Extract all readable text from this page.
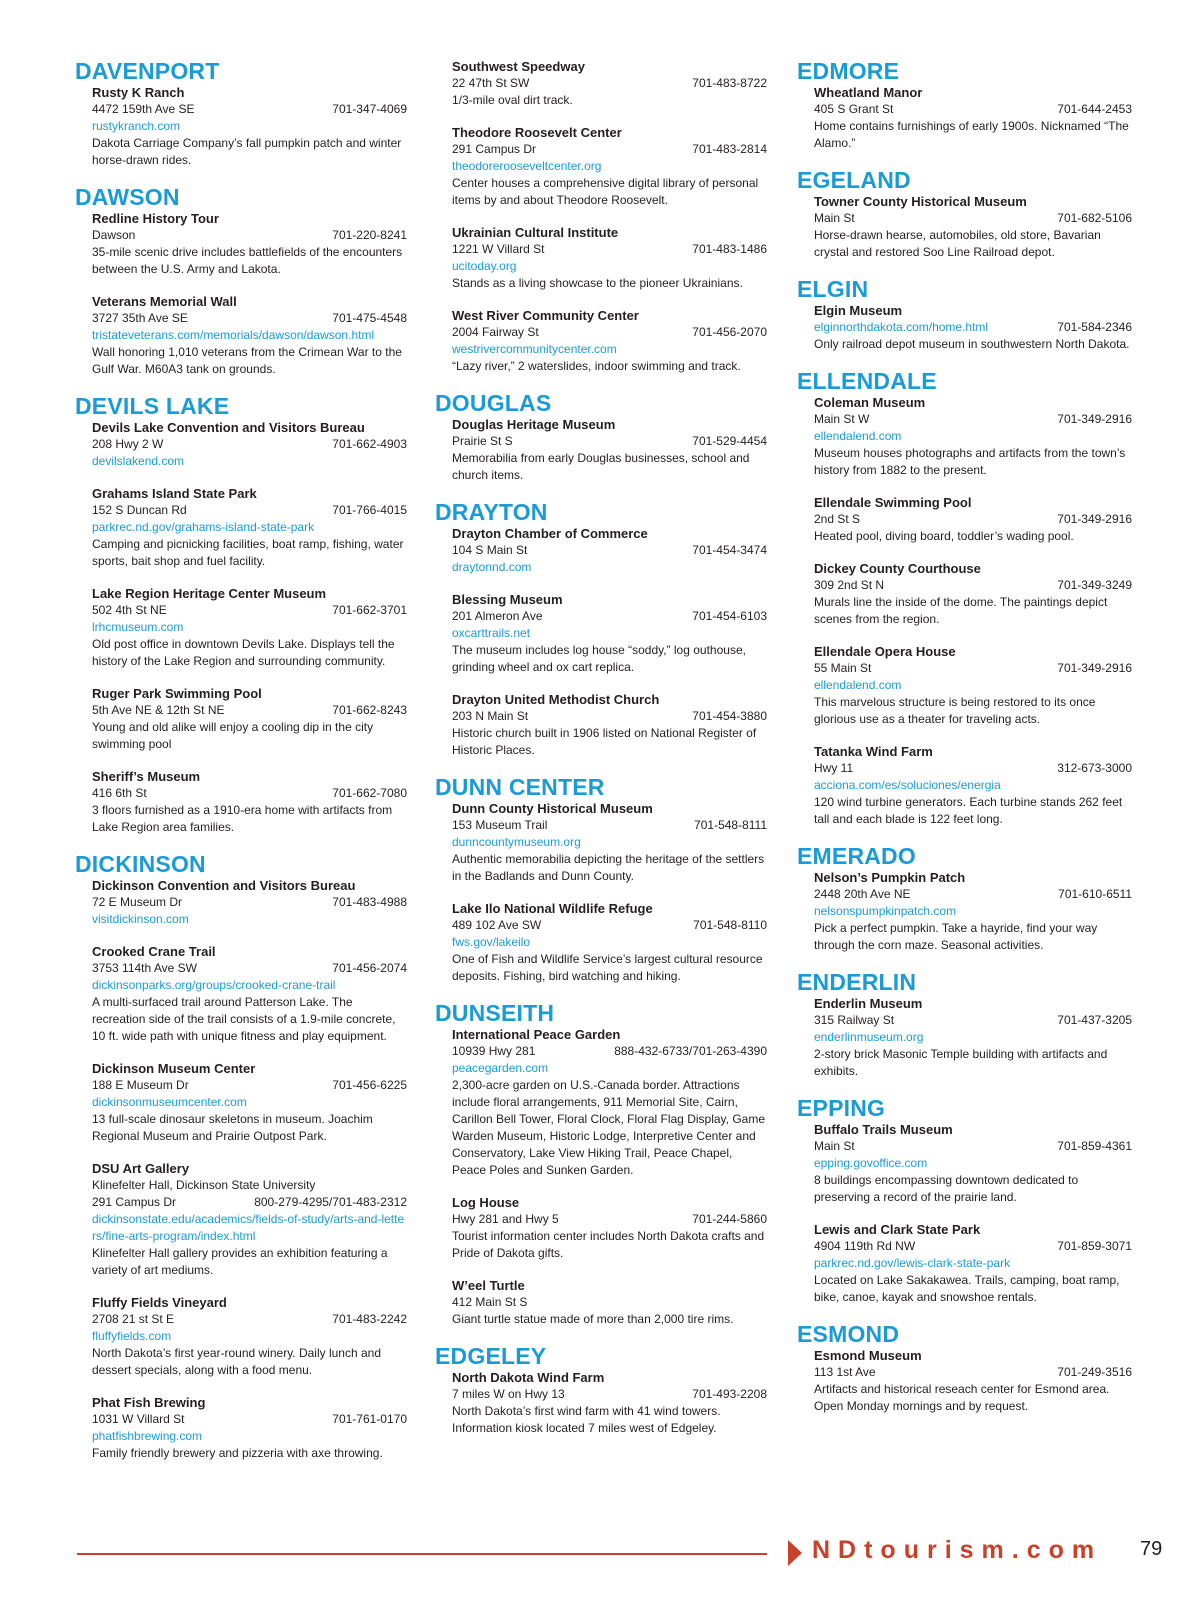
DAVENPORT
Rusty K Ranch
4472 159th Ave SE	701-347-4069
rustykranch.com
Dakota Carriage Company’s fall pumpkin patch and winter horse-drawn rides.
DAWSON
Redline History Tour
Dawson	701-220-8241
35-mile scenic drive includes battlefields of the encounters between the U.S. Army and Lakota.
Veterans Memorial Wall
3727 35th Ave SE	701-475-4548
tristateveterans.com/memorials/dawson/dawson.html
Wall honoring 1,010 veterans from the Crimean War to the Gulf War. M60A3 tank on grounds.
DEVILS LAKE
Devils Lake Convention and Visitors Bureau
208 Hwy 2 W	701-662-4903
devilslakend.com
Grahams Island State Park
152 S Duncan Rd	701-766-4015
parkrec.nd.gov/grahams-island-state-park
Camping and picnicking facilities, boat ramp, fishing, water sports, bait shop and fuel facility.
Lake Region Heritage Center Museum
502 4th St NE	701-662-3701
lrhcmuseum.com
Old post office in downtown Devils Lake. Displays tell the history of the Lake Region and surrounding community.
Ruger Park Swimming Pool
5th Ave NE & 12th St NE	701-662-8243
Young and old alike will enjoy a cooling dip in the city swimming pool
Sheriff’s Museum
416 6th St	701-662-7080
3 floors furnished as a 1910-era home with artifacts from Lake Region area families.
DICKINSON
Dickinson Convention and Visitors Bureau
72 E Museum Dr	701-483-4988
visitdickinson.com
Crooked Crane Trail
3753 114th Ave SW	701-456-2074
dickinsonparks.org/groups/crooked-crane-trail
A multi-surfaced trail around Patterson Lake. The recreation side of the trail consists of a 1.9-mile concrete, 10 ft. wide path with unique fitness and play equipment.
Dickinson Museum Center
188 E Museum Dr	701-456-6225
dickinsonmuseumcenter.com
13 full-scale dinosaur skeletons in museum. Joachim Regional Museum and Prairie Outpost Park.
DSU Art Gallery
Klinefelter Hall, Dickinson State University
291 Campus Dr	800-279-4295/701-483-2312
dickinsonstate.edu/academics/fields-of-study/arts-and-letters/fine-arts-program/index.html
Klinefelter Hall gallery provides an exhibition featuring a variety of art mediums.
Fluffy Fields Vineyard
2708 21 st St E	701-483-2242
fluffyfields.com
North Dakota’s first year-round winery. Daily lunch and dessert specials, along with a food menu.
Phat Fish Brewing
1031 W Villard St	701-761-0170
phatfishbrewing.com
Family friendly brewery and pizzeria with axe throwing.
Southwest Speedway
22 47th St SW	701-483-8722
1/3-mile oval dirt track.
Theodore Roosevelt Center
291 Campus Dr	701-483-2814
theodorerooseveltcenter.org
Center houses a comprehensive digital library of personal items by and about Theodore Roosevelt.
Ukrainian Cultural Institute
1221 W Villard St	701-483-1486
ucitoday.org
Stands as a living showcase to the pioneer Ukrainians.
West River Community Center
2004 Fairway St	701-456-2070
westrivercommunitycenter.com
“Lazy river,” 2 waterslides, indoor swimming and track.
DOUGLAS
Douglas Heritage Museum
Prairie St S	701-529-4454
Memorabilia from early Douglas businesses, school and church items.
DRAYTON
Drayton Chamber of Commerce
104 S Main St	701-454-3474
draytonnd.com
Blessing Museum
201 Almeron Ave	701-454-6103
oxcarttrails.net
The museum includes log house “soddy,” log outhouse, grinding wheel and ox cart replica.
Drayton United Methodist Church
203 N Main St	701-454-3880
Historic church built in 1906 listed on National Register of Historic Places.
DUNN CENTER
Dunn County Historical Museum
153 Museum Trail	701-548-8111
dunncountymuseum.org
Authentic memorabilia depicting the heritage of the settlers in the Badlands and Dunn County.
Lake Ilo National Wildlife Refuge
489 102 Ave SW	701-548-8110
fws.gov/lakeilo
One of Fish and Wildlife Service’s largest cultural resource deposits. Fishing, bird watching and hiking.
DUNSEITH
International Peace Garden
10939 Hwy 281	888-432-6733/701-263-4390
peacegarden.com
2,300-acre garden on U.S.-Canada border. Attractions include floral arrangements, 911 Memorial Site, Cairn, Carillon Bell Tower, Floral Clock, Floral Flag Display, Game Warden Museum, Historic Lodge, Interpretive Center and Conservatory, Lake View Hiking Trail, Peace Chapel, Peace Poles and Sunken Garden.
Log House
Hwy 281 and Hwy 5	701-244-5860
Tourist information center includes North Dakota crafts and Pride of Dakota gifts.
W’eel Turtle
412 Main St S
Giant turtle statue made of more than 2,000 tire rims.
EDGELEY
North Dakota Wind Farm
7 miles W on Hwy 13	701-493-2208
North Dakota’s first wind farm with 41 wind towers. Information kiosk located 7 miles west of Edgeley.
EDMORE
Wheatland Manor
405 S Grant St	701-644-2453
Home contains furnishings of early 1900s. Nicknamed “The Alamo.”
EGELAND
Towner County Historical Museum
Main St	701-682-5106
Horse-drawn hearse, automobiles, old store, Bavarian crystal and restored Soo Line Railroad depot.
ELGIN
Elgin Museum
elginnorthdakota.com/home.html	701-584-2346
Only railroad depot museum in southwestern North Dakota.
ELLENDALE
Coleman Museum
Main St W	701-349-2916
ellendalend.com
Museum houses photographs and artifacts from the town’s history from 1882 to the present.
Ellendale Swimming Pool
2nd St S	701-349-2916
Heated pool, diving board, toddler’s wading pool.
Dickey County Courthouse
309 2nd St N	701-349-3249
Murals line the inside of the dome. The paintings depict scenes from the region.
Ellendale Opera House
55 Main St	701-349-2916
ellendalend.com
This marvelous structure is being restored to its once glorious use as a theater for traveling acts.
Tatanka Wind Farm
Hwy 11	312-673-3000
acciona.com/es/soluciones/energia
120 wind turbine generators. Each turbine stands 262 feet tall and each blade is 122 feet long.
EMERADO
Nelson’s Pumpkin Patch
2448 20th Ave NE	701-610-6511
nelsonspumpkinpatch.com
Pick a perfect pumpkin. Take a hayride, find your way through the corn maze. Seasonal activities.
ENDERLIN
Enderlin Museum
315 Railway St	701-437-3205
enderlinmuseum.org
2-story brick Masonic Temple building with artifacts and exhibits.
EPPING
Buffalo Trails Museum
Main St	701-859-4361
epping.govoffice.com
8 buildings encompassing downtown dedicated to preserving a record of the prairie land.
Lewis and Clark State Park
4904 119th Rd NW	701-859-3071
parkrec.nd.gov/lewis-clark-state-park
Located on Lake Sakakawea. Trails, camping, boat ramp, bike, canoe, kayak and snowshoe rentals.
ESMOND
Esmond Museum
113 1st Ave	701-249-3516
Artifacts and historical reseach center for Esmond area. Open Monday mornings and by request.
NDtourism.com 79
